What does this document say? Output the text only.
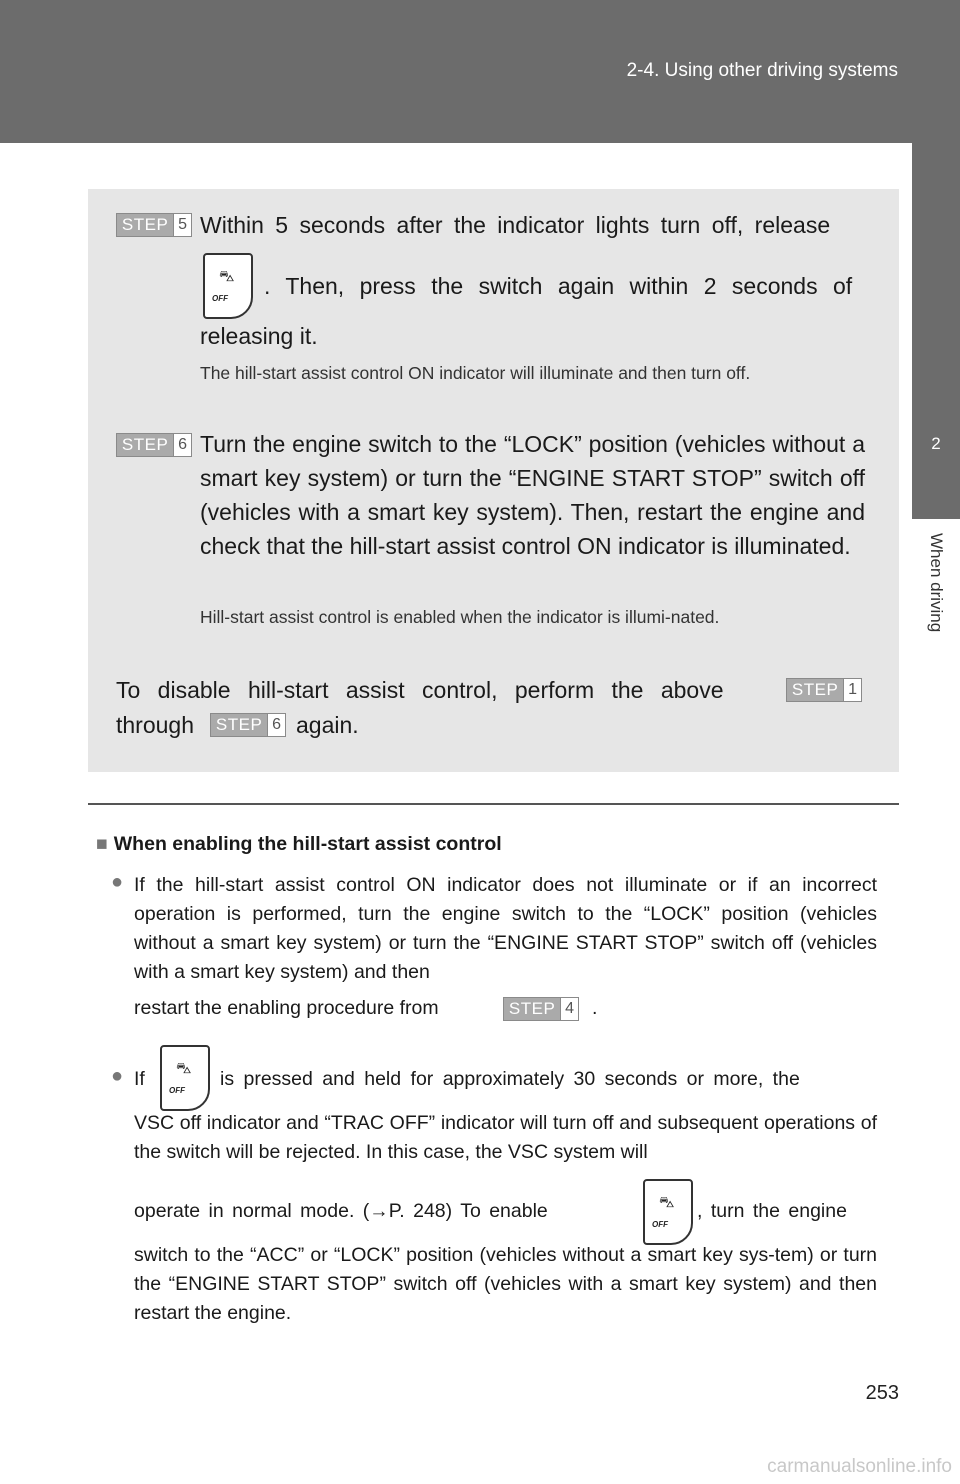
2-4. Using other driving systems
2
When driving
STEP 5 Within 5 seconds after the indicator lights turn off, release
⛍
OFF . Then, press the switch again within 2 seconds of
releasing it.
The hill-start assist control ON indicator will illuminate and then turn off.
STEP 6 Turn the engine switch to the “LOCK” position (vehicles without a smart key system) or turn the “ENGINE START STOP” switch off (vehicles with a smart key system). Then, restart the engine and check that the hill-start assist control ON indicator is illuminated.
Hill-start assist control is enabled when the indicator is illumi-nated.
To disable hill-start assist control, perform the above	STEP 1
through STEP 6 again.
■ When enabling the hill-start assist control
● If the hill-start assist control ON indicator does not illuminate or if an incorrect operation is performed, turn the engine switch to the “LOCK” position (vehicles without a smart key system) or turn the “ENGINE START STOP” switch off (vehicles with a smart key system) and then
restart the enabling procedure from	STEP 4 .
● If ⛍
OFF
is pressed and held for approximately 30 seconds or more, the
VSC off indicator and “TRAC OFF” indicator will turn off and subsequent operations of the switch will be rejected. In this case, the VSC system will
operate in normal mode. (→P. 248) To enable	⛍
OFF
, turn the engine
switch to the “ACC” or “LOCK” position (vehicles without a smart key sys-tem) or turn the “ENGINE START STOP” switch off (vehicles with a smart key system) and then restart the engine.
253
carmanualsonline.info
